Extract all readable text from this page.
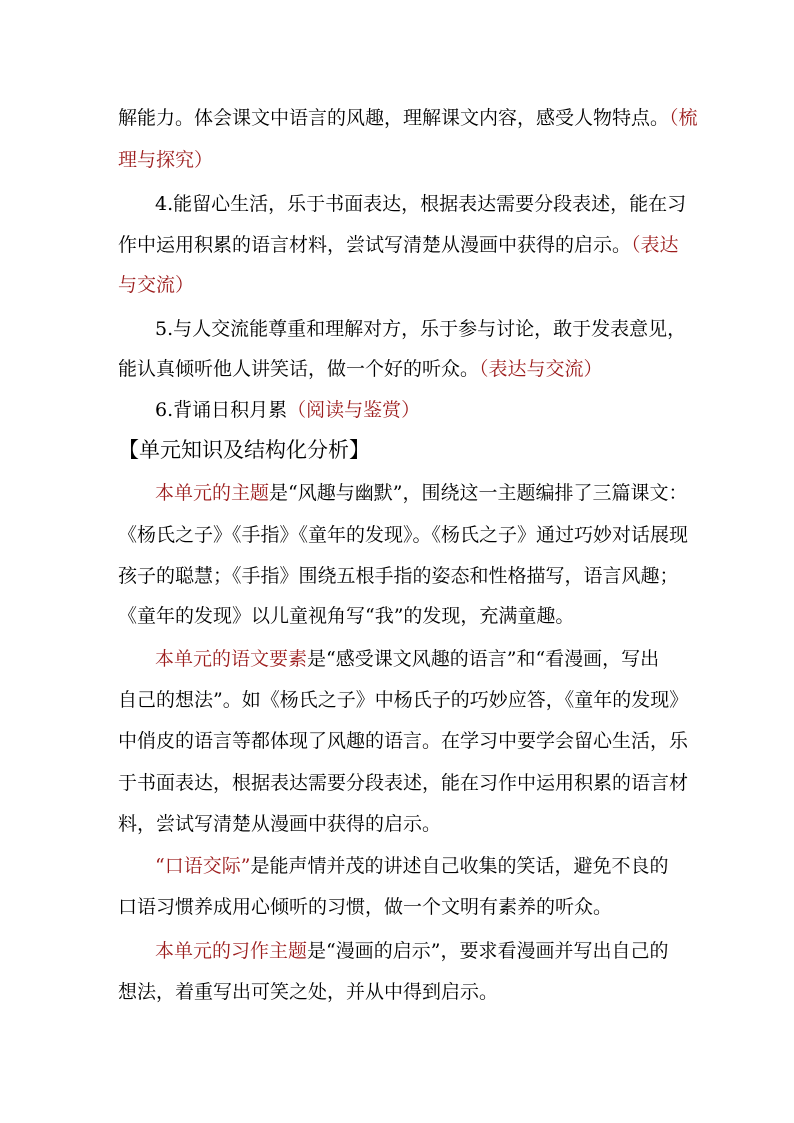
解能力。体会课文中语言的风趣，理解课文内容，感受人物特点。（梳

理与探究）

4.能留心生活，乐于书面表达，根据表达需要分段表述，能在习

作中运用积累的语言材料，尝试写清楚从漫画中获得的启示。（表达

与交流）

5.与人交流能尊重和理解对方，乐于参与讨论，敢于发表意见，

能认真倾听他人讲笑话，做一个好的听众。（表达与交流）

6.背诵日积月累（阅读与鉴赏）

【单元知识及结构化分析】

本单元的主题是“风趣与幽默”，围绕这一主题编排了三篇课文：

《杨氏之子》《手指》《童年的发现》。《杨氏之子》通过巧妙对话展现

孩子的聪慧；《手指》围绕五根手指的姿态和性格描写，语言风趣；

《童年的发现》以儿童视角写“我”的发现，充满童趣。

本单元的语文要素是“感受课文风趣的语言”和“看漫画，写出

自己的想法”。如《杨氏之子》中杨氏子的巧妙应答，《童年的发现》

中俏皮的语言等都体现了风趣的语言。在学习中要学会留心生活，乐

于书面表达，根据表达需要分段表述，能在习作中运用积累的语言材

料，尝试写清楚从漫画中获得的启示。

“口语交际”是能声情并茂的讲述自己收集的笑话，避免不良的

口语习惯养成用心倾听的习惯，做一个文明有素养的听众。

本单元的习作主题是“漫画的启示”，要求看漫画并写出自己的

想法，着重写出可笑之处，并从中得到启示。
